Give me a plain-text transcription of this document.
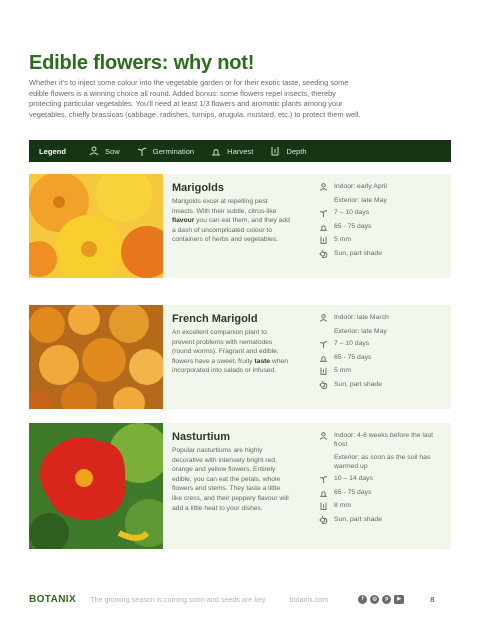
Edible flowers: why not!
Whether it's to inject some colour into the vegetable garden or for their exotic taste, seeding some edible flowers is a winning choice all round. Added bonus: some flowers repel insects, thereby protecting particular vegetables. You'll need at least 1/3 flowers and aromatic plants among your vegetables, chiefly brassicas (cabbage, radishes, turnips, arugula, mustard, etc.) to protect them well.
Legend	Sow	Germination	Harvest	Depth
Marigolds
Marigolds excel at repelling pest insects. With their subtle, citrus-like flavour you can eat them, and they add a dash of uncomplicated colour to containers of herbs and vegetables.
Indoor: early April
Exterior: late May
7 – 10 days
65 - 75 days
5 mm
Sun, part shade
French Marigold
An excellent companion plant to prevent problems with nematodes (round worms). Fragrant and edible, flowers have a sweet, fruity taste when incorporated into salads or infused.
Indoor: late March
Exterior: late May
7 – 10 days
65 - 75 days
5 mm
Sun, part shade
Nasturtium
Popular nasturtiums are highly decorative with intensely bright red, orange and yellow flowers. Entirely edible, you can eat the petals, whole flowers and stems. They taste a little like cress, and their peppery flavour will add a little heat to your dishes.
Indoor: 4-6 weeks before the last frost
Exterior: as soon as the soil has warmed up
10 – 14 days
65 - 75 days
8 mm
Sun, part shade
BOTANIX The growing season is coming soon and seeds are key	botanix.com	f	◎	p	▶	8
